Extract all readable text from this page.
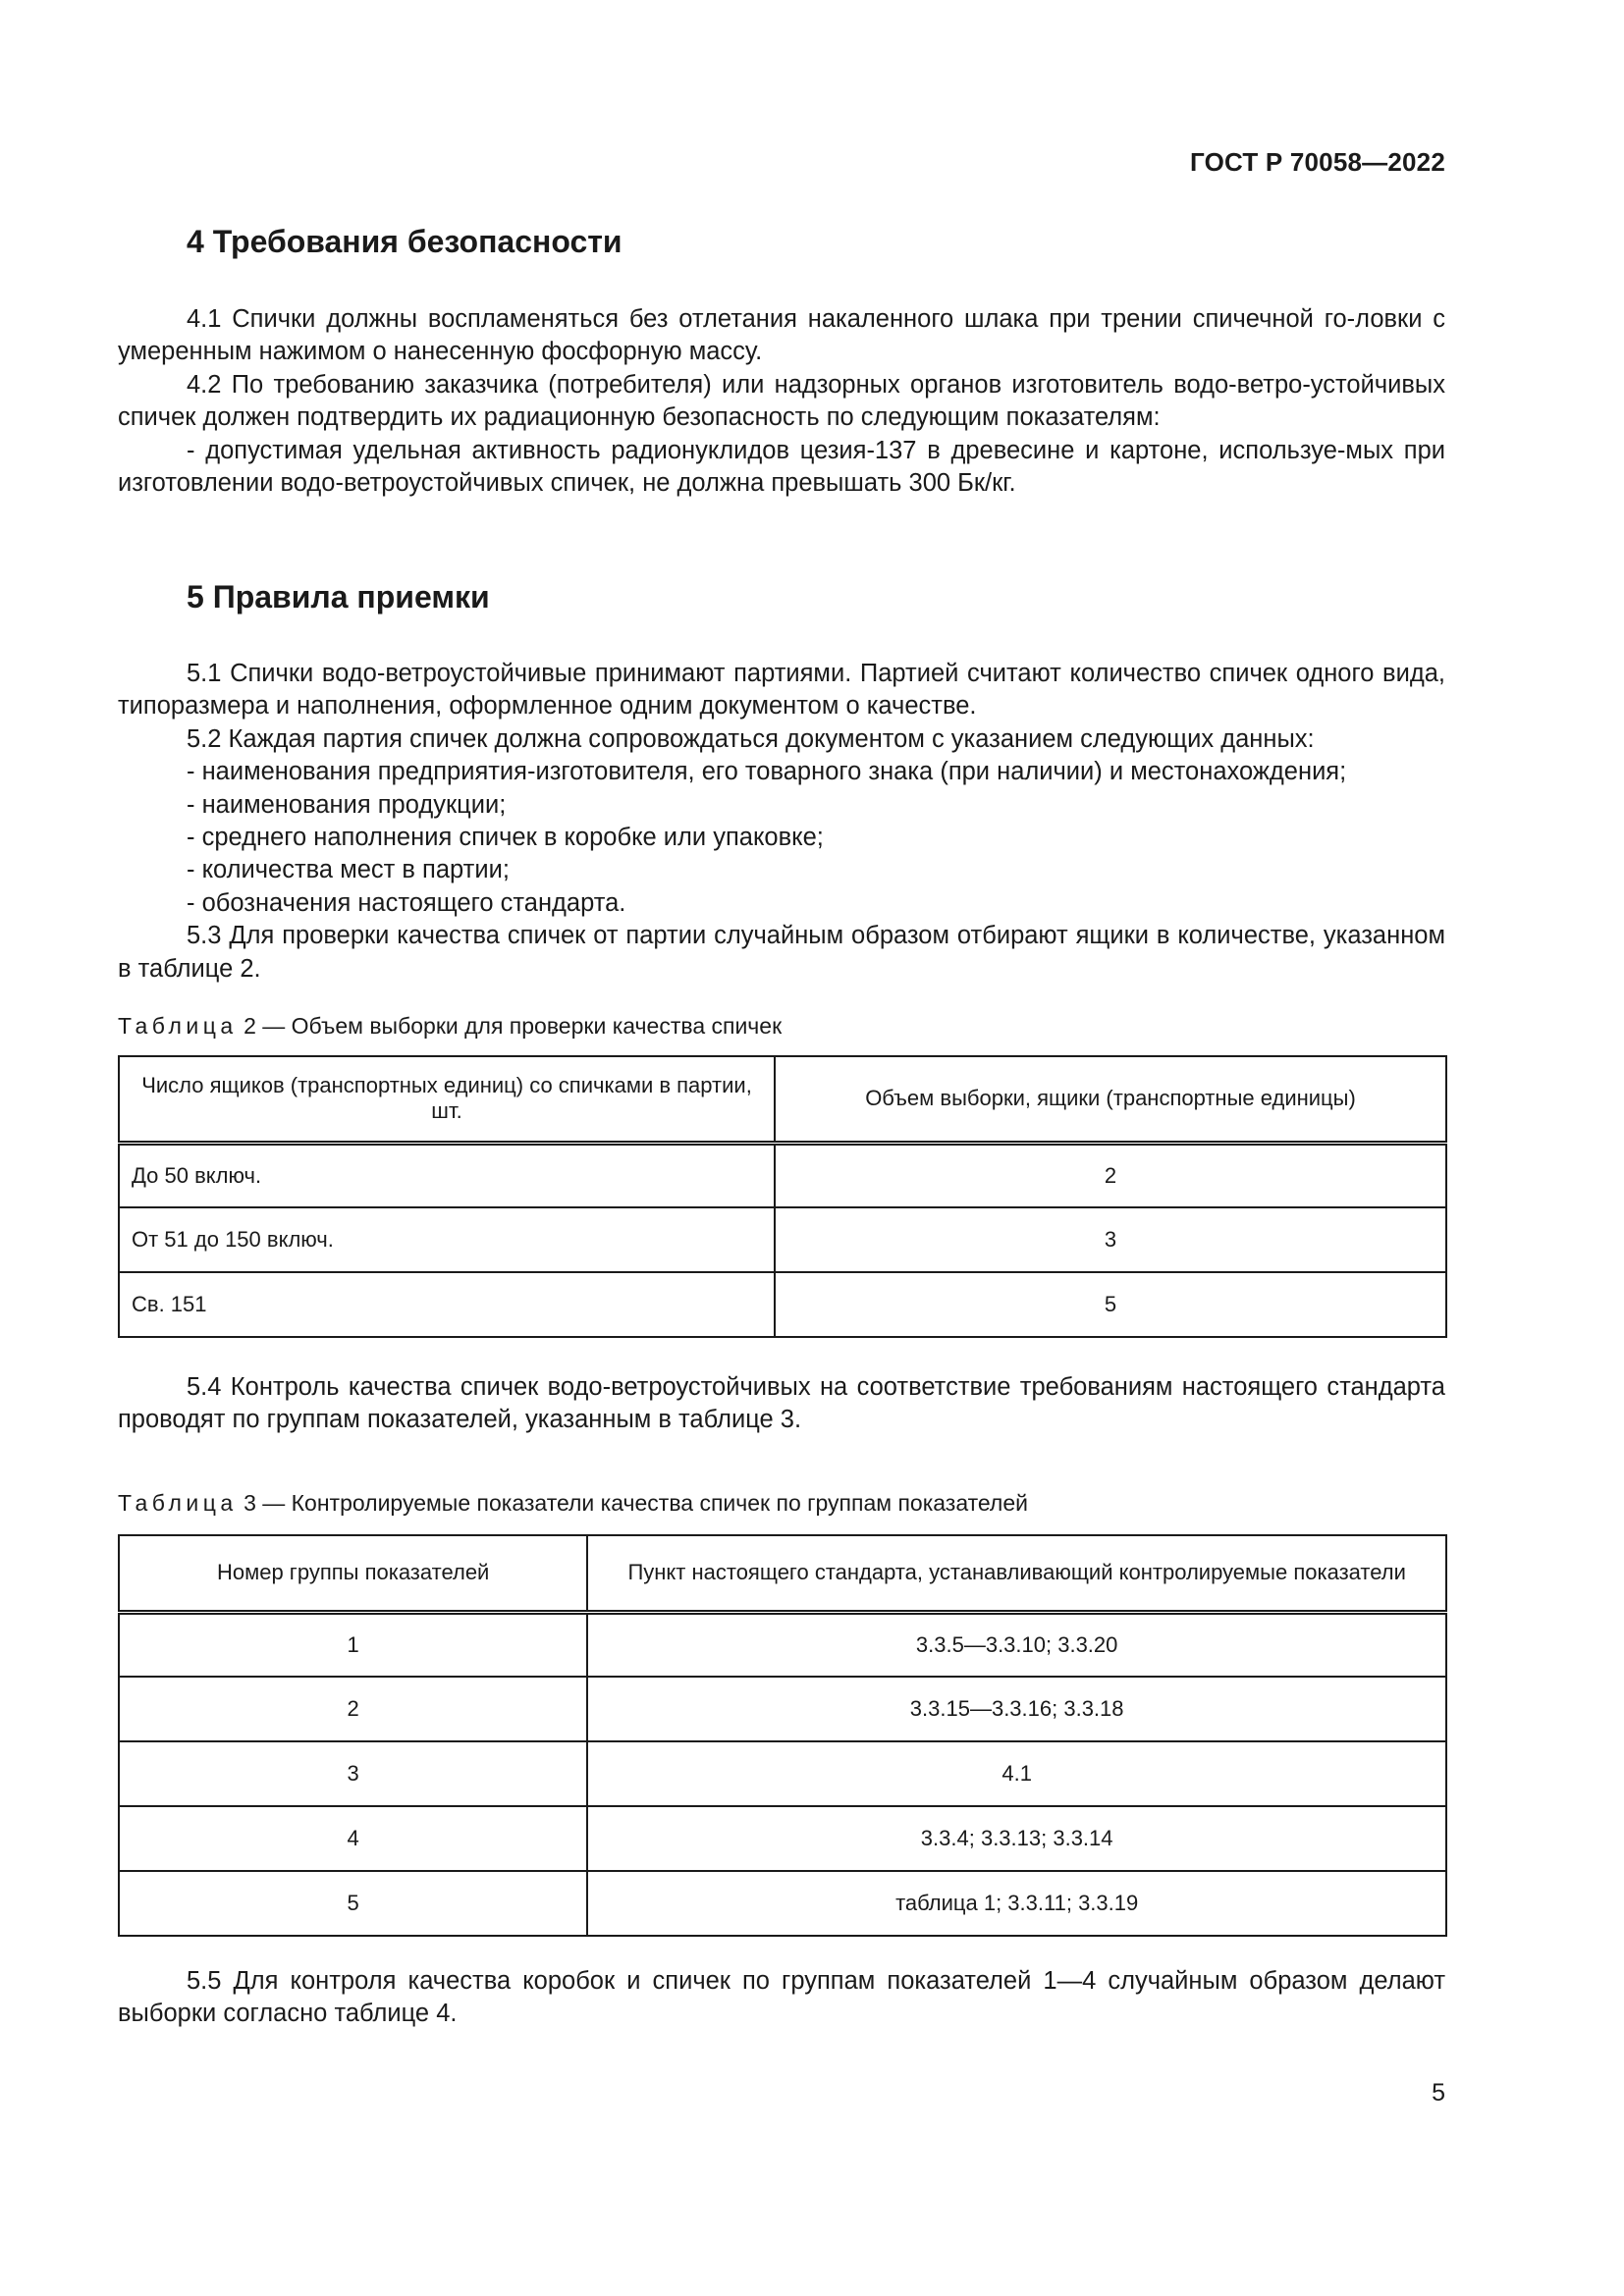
ГОСТ Р 70058—2022
4 Требования безопасности

4.1 Спички должны воспламеняться без отлетания накаленного шлака при трении спичечной го-ловки с умеренным нажимом о нанесенную фосфорную массу.

4.2 По требованию заказчика (потребителя) или надзорных органов изготовитель водо-ветро-устойчивых спичек должен подтвердить их радиационную безопасность по следующим показателям:

- допустимая удельная активность радионуклидов цезия-137 в древесине и картоне, используе-мых при изготовлении водо-ветроустойчивых спичек, не должна превышать 300 Бк/кг.

5 Правила приемки

5.1 Спички водо-ветроустойчивые принимают партиями. Партией считают количество спичек одного вида, типоразмера и наполнения, оформленное одним документом о качестве.

5.2 Каждая партия спичек должна сопровождаться документом с указанием следующих данных:

- наименования предприятия-изготовителя, его товарного знака (при наличии) и местонахождения;

- наименования продукции;

- среднего наполнения спичек в коробке или упаковке;

- количества мест в партии;

- обозначения настоящего стандарта.

5.3 Для проверки качества спичек от партии случайным образом отбирают ящики в количестве, указанном в таблице 2.

Таблица 2 — Объем выборки для проверки качества спичек

Число ящиков (транспортных единиц) со спичками в партии, шт.	Объем выборки, ящики (транспортные единицы)
До 50 включ.	2
От 51 до 150 включ.	3
Св. 151	5

5.4 Контроль качества спичек водо-ветроустойчивых на соответствие требованиям настоящего стандарта проводят по группам показателей, указанным в таблице 3.

Таблица 3 — Контролируемые показатели качества спичек по группам показателей

Номер группы показателей	Пункт настоящего стандарта, устанавливающий контролируемые показатели
1	3.3.5—3.3.10; 3.3.20
2	3.3.15—3.3.16; 3.3.18
3	4.1
4	3.3.4; 3.3.13; 3.3.14
5	таблица 1; 3.3.11; 3.3.19

5.5 Для контроля качества коробок и спичек по группам показателей 1—4 случайным образом делают выборки согласно таблице 4.

5
